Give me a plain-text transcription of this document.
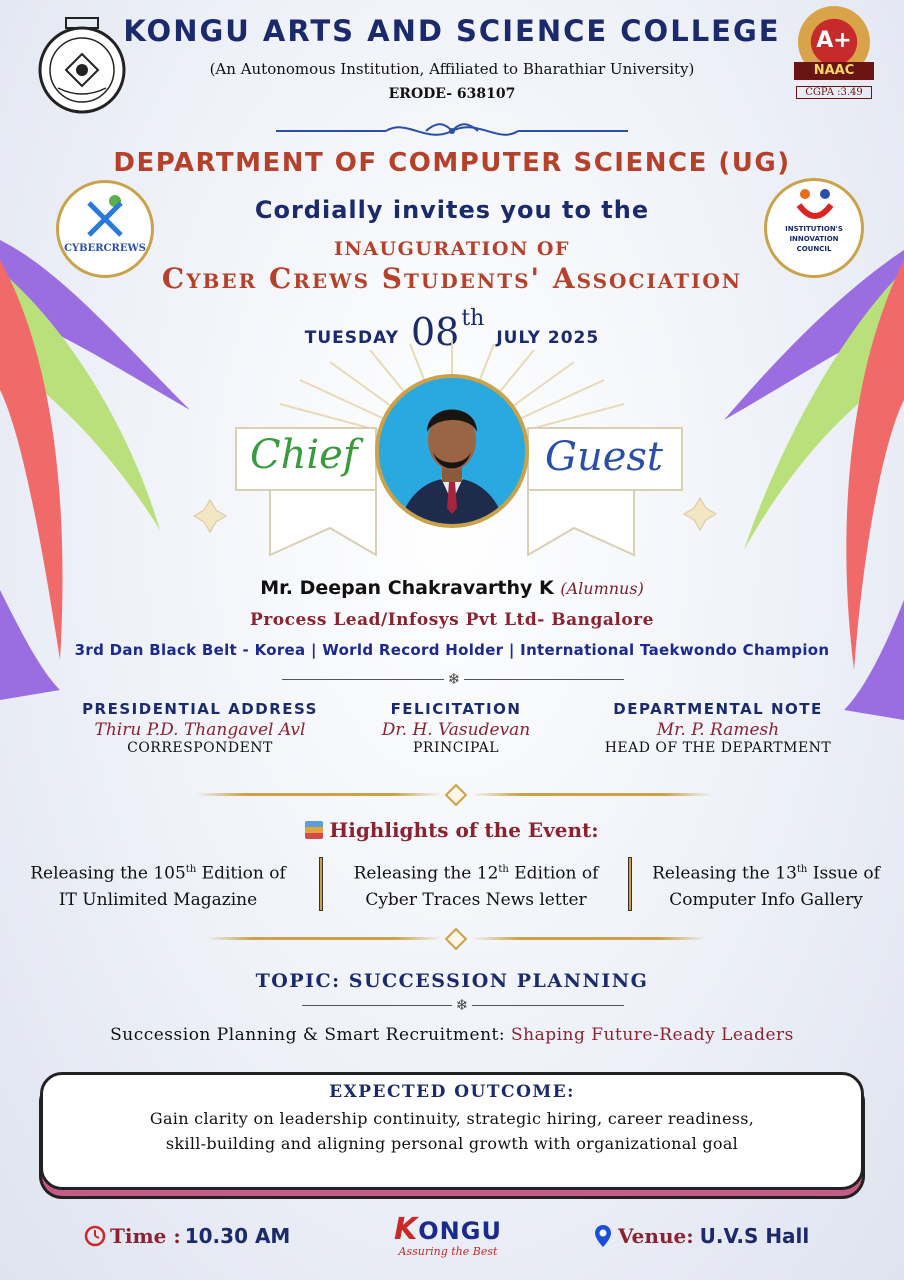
A+
NAAC
CGPA :3.49
KONGU ARTS AND SCIENCE COLLEGE
(An Autonomous Institution, Affiliated to Bharathiar University)
ERODE- 638107
DEPARTMENT OF COMPUTER SCIENCE (UG)
CYBERCREWS
INSTITUTION'S
INNOVATION
COUNCIL
Cordially invites you to the
INAUGURATION OF
Cyber Crews Students' Association
TUESDAY 08th
JULY 2025
Chief	Guest
Mr. Deepan Chakravarthy K (Alumnus)
Process Lead/Infosys Pvt Ltd- Bangalore
3rd Dan Black Belt - Korea | World Record Holder | International Taekwondo Champion
❄
PRESIDENTIAL ADDRESS
Thiru P.D. Thangavel Avl
CORRESPONDENT
FELICITATION
Dr. H. Vasudevan
PRINCIPAL
DEPARTMENTAL NOTE
Mr. P. Ramesh
HEAD OF THE DEPARTMENT
Highlights of the Event:
Releasing the 105th Edition of
IT Unlimited Magazine
Releasing the 12th Edition of
Cyber Traces News letter
Releasing the 13th Issue of
Computer Info Gallery
TOPIC: SUCCESSION PLANNING
❄
Succession Planning & Smart Recruitment: Shaping Future-Ready Leaders
EXPECTED OUTCOME:
Gain clarity on leadership continuity, strategic hiring, career readiness,
skill-building and aligning personal growth with organizational goal
Time : 10.30 AM	KONGU
Assuring the Best
Venue: U.V.S Hall
